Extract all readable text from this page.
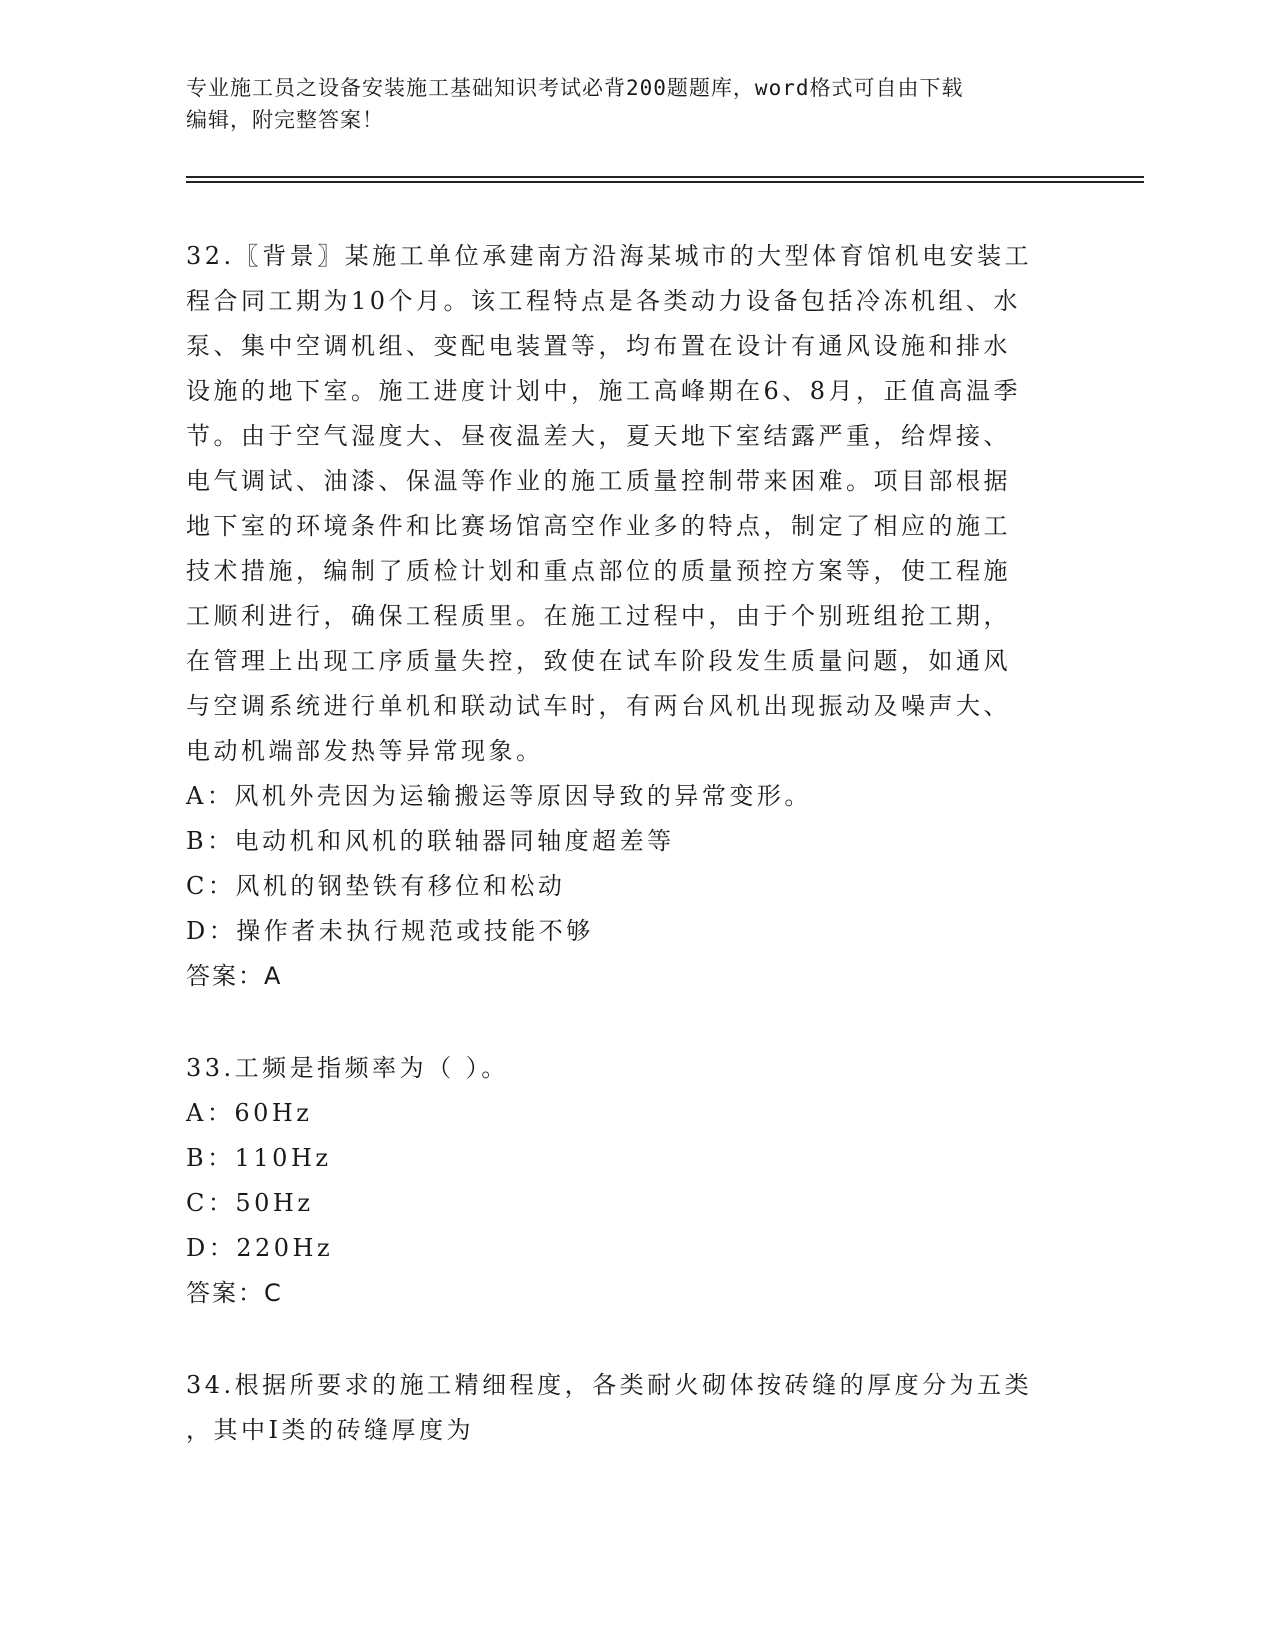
专业施工员之设备安装施工基础知识考试必背200题题库，word格式可自由下载
编辑，附完整答案！
32.〖背景〗某施工单位承建南方沿海某城市的大型体育馆机电安装工
程合同工期为10个月。该工程特点是各类动力设备包括冷冻机组、水
泵、集中空调机组、变配电装置等，均布置在设计有通风设施和排水
设施的地下室。施工进度计划中，施工高峰期在6、8月，正值高温季
节。由于空气湿度大、昼夜温差大，夏天地下室结露严重，给焊接、
电气调试、油漆、保温等作业的施工质量控制带来困难。项目部根据
地下室的环境条件和比赛场馆高空作业多的特点，制定了相应的施工
技术措施，编制了质检计划和重点部位的质量预控方案等，使工程施
工顺利进行，确保工程质里。在施工过程中，由于个别班组抢工期，
在管理上出现工序质量失控，致使在试车阶段发生质量问题，如通风
与空调系统进行单机和联动试车时，有两台风机出现振动及噪声大、
电动机端部发热等异常现象。
A：风机外壳因为运输搬运等原因导致的异常变形。
B：电动机和风机的联轴器同轴度超差等
C：风机的钢垫铁有移位和松动
D：操作者未执行规范或技能不够
答案：A
33.工频是指频率为（ ）。
A：60Hz
B：110Hz
C：50Hz
D：220Hz
答案：C
34.根据所要求的施工精细程度，各类耐火砌体按砖缝的厚度分为五类
，其中I类的砖缝厚度为
